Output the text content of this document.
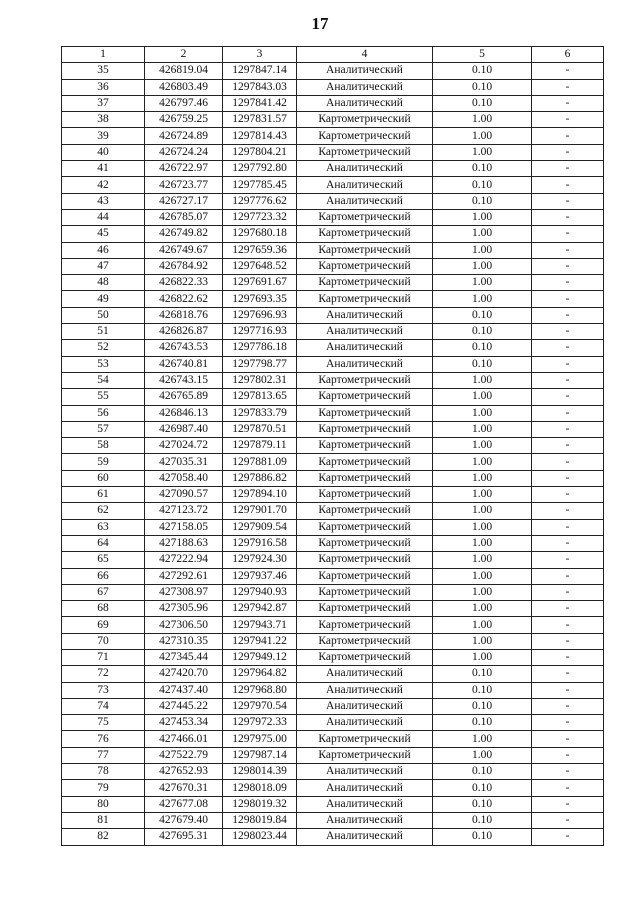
17
1	2	3	4	5	6
35	426819.04	1297847.14	Аналитический	0.10	-
36	426803.49	1297843.03	Аналитический	0.10	-
37	426797.46	1297841.42	Аналитический	0.10	-
38	426759.25	1297831.57	Картометрический	1.00	-
39	426724.89	1297814.43	Картометрический	1.00	-
40	426724.24	1297804.21	Картометрический	1.00	-
41	426722.97	1297792.80	Аналитический	0.10	-
42	426723.77	1297785.45	Аналитический	0.10	-
43	426727.17	1297776.62	Аналитический	0.10	-
44	426785.07	1297723.32	Картометрический	1.00	-
45	426749.82	1297680.18	Картометрический	1.00	-
46	426749.67	1297659.36	Картометрический	1.00	-
47	426784.92	1297648.52	Картометрический	1.00	-
48	426822.33	1297691.67	Картометрический	1.00	-
49	426822.62	1297693.35	Картометрический	1.00	-
50	426818.76	1297696.93	Аналитический	0.10	-
51	426826.87	1297716.93	Аналитический	0.10	-
52	426743.53	1297786.18	Аналитический	0.10	-
53	426740.81	1297798.77	Аналитический	0.10	-
54	426743.15	1297802.31	Картометрический	1.00	-
55	426765.89	1297813.65	Картометрический	1.00	-
56	426846.13	1297833.79	Картометрический	1.00	-
57	426987.40	1297870.51	Картометрический	1.00	-
58	427024.72	1297879.11	Картометрический	1.00	-
59	427035.31	1297881.09	Картометрический	1.00	-
60	427058.40	1297886.82	Картометрический	1.00	-
61	427090.57	1297894.10	Картометрический	1.00	-
62	427123.72	1297901.70	Картометрический	1.00	-
63	427158.05	1297909.54	Картометрический	1.00	-
64	427188.63	1297916.58	Картометрический	1.00	-
65	427222.94	1297924.30	Картометрический	1.00	-
66	427292.61	1297937.46	Картометрический	1.00	-
67	427308.97	1297940.93	Картометрический	1.00	-
68	427305.96	1297942.87	Картометрический	1.00	-
69	427306.50	1297943.71	Картометрический	1.00	-
70	427310.35	1297941.22	Картометрический	1.00	-
71	427345.44	1297949.12	Картометрический	1.00	-
72	427420.70	1297964.82	Аналитический	0.10	-
73	427437.40	1297968.80	Аналитический	0.10	-
74	427445.22	1297970.54	Аналитический	0.10	-
75	427453.34	1297972.33	Аналитический	0.10	-
76	427466.01	1297975.00	Картометрический	1.00	-
77	427522.79	1297987.14	Картометрический	1.00	-
78	427652.93	1298014.39	Аналитический	0.10	-
79	427670.31	1298018.09	Аналитический	0.10	-
80	427677.08	1298019.32	Аналитический	0.10	-
81	427679.40	1298019.84	Аналитический	0.10	-
82	427695.31	1298023.44	Аналитический	0.10	-
